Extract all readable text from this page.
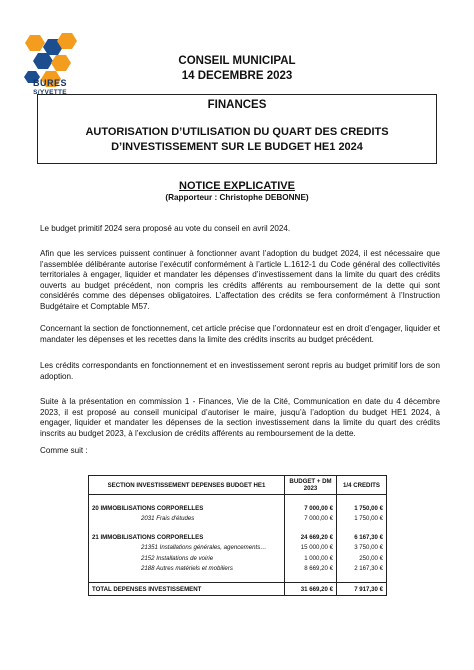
BURES
S/YVETTE
CONSEIL MUNICIPAL
14 DECEMBRE 2023
FINANCES
AUTORISATION D’UTILISATION DU QUART DES CREDITS
D’INVESTISSEMENT SUR LE BUDGET HE1 2024
NOTICE EXPLICATIVE
(Rapporteur : Christophe DEBONNE)
Le budget primitif 2024 sera proposé au vote du conseil en avril 2024.
Afin que les services puissent continuer à fonctionner avant l’adoption du budget 2024, il est nécessaire que l’assemblée délibérante autorise l’exécutif conformément à l’article L.1612-1 du Code général des collectivités territoriales à engager, liquider et mandater les dépenses d’investissement dans la limite du quart des crédits ouverts au budget précédent, non compris les crédits afférents au remboursement de la dette qui sont considérés comme des dépenses obligatoires. L’affectation des crédits se fera conformément à l’Instruction Budgétaire et Comptable M57.
Concernant la section de fonctionnement, cet article précise que l’ordonnateur est en droit d’engager, liquider et mandater les dépenses et les recettes dans la limite des crédits inscrits au budget précédent.
Les crédits correspondants en fonctionnement et en investissement seront repris au budget primitif lors de son adoption.
Suite à la présentation en commission 1 - Finances, Vie de la Cité, Communication en date du 4 décembre 2023, il est proposé au conseil municipal d’autoriser le maire, jusqu’à l’adoption du budget HE1 2024, à engager, liquider et mandater les dépenses de la section investissement dans la limite du quart des crédits inscrits au budget 2023, à l’exclusion de crédits afférents au remboursement de la dette.
Comme suit :
SECTION INVESTISSEMENT DEPENSES BUDGET HE1	BUDGET + DM 2023	1/4 CREDITS

20 IMMOBILISATIONS CORPORELLES	7 000,00 €	1 750,00 €
2031 Frais d'études	7 000,00 €	1 750,00 €

21 IMMOBILISATIONS CORPORELLES	24 669,20 €	6 167,30 €
21351 Installations générales, agencements…	15 000,00 €	3 750,00 €
2152 Installations de voirie	1 000,00 €	250,00 €
2188 Autres matériels et mobiliers	8 669,20 €	2 167,30 €

TOTAL DEPENSES INVESTISSEMENT	31 669,20 €	7 917,30 €
